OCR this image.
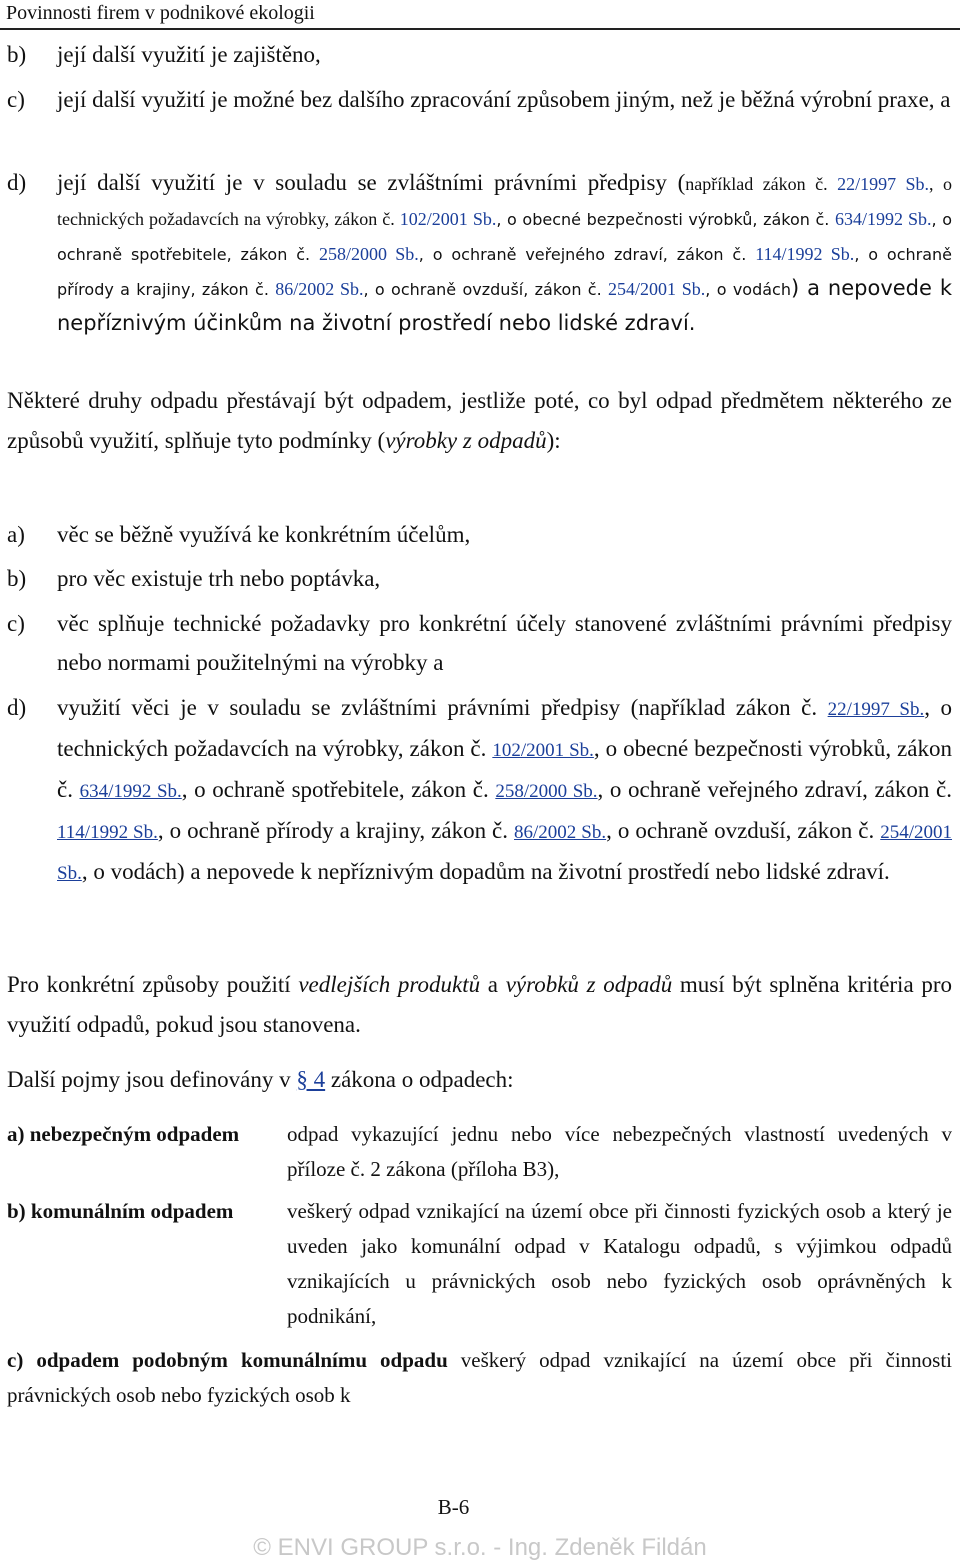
Povinnosti firem v podnikové ekologii
b) její další využití je zajištěno,
c) její další využití je možné bez dalšího zpracování způsobem jiným, než je běžná výrobní praxe, a
d) její další využití je v souladu se zvláštními právními předpisy (například zákon č. 22/1997 Sb., o technických požadavcích na výrobky, zákon č. 102/2001 Sb., o obecné bezpečnosti výrobků, zákon č. 634/1992 Sb., o ochraně spotřebitele, zákon č. 258/2000 Sb., o ochraně veřejného zdraví, zákon č. 114/1992 Sb., o ochraně přírody a krajiny, zákon č. 86/2002 Sb., o ochraně ovzduší, zákon č. 254/2001 Sb., o vodách) a nepovede k nepříznivým účinkům na životní prostředí nebo lidské zdraví.
Některé druhy odpadu přestávají být odpadem, jestliže poté, co byl odpad předmětem některého ze způsobů využití, splňuje tyto podmínky (výrobky z odpadů):
a) věc se běžně využívá ke konkrétním účelům,
b) pro věc existuje trh nebo poptávka,
c) věc splňuje technické požadavky pro konkrétní účely stanovené zvláštními právními předpisy nebo normami použitelnými na výrobky a
d) využití věci je v souladu se zvláštními právními předpisy (například zákon č. 22/1997 Sb., o technických požadavcích na výrobky, zákon č. 102/2001 Sb., o obecné bezpečnosti výrobků, zákon č. 634/1992 Sb., o ochraně spotřebitele, zákon č. 258/2000 Sb., o ochraně veřejného zdraví, zákon č. 114/1992 Sb., o ochraně přírody a krajiny, zákon č. 86/2002 Sb., o ochraně ovzduší, zákon č. 254/2001 Sb., o vodách) a nepovede k nepříznivým dopadům na životní prostředí nebo lidské zdraví.
Pro konkrétní způsoby použití vedlejších produktů a výrobků z odpadů musí být splněna kritéria pro využití odpadů, pokud jsou stanovena.
Další pojmy jsou definovány v § 4 zákona o odpadech:
a) nebezpečným odpadem odpad vykazující jednu nebo více nebezpečných vlastností uvedených v příloze č. 2 zákona (příloha B3),
b) komunálním odpadem	veškerý odpad vznikající na území obce při činnosti fyzických osob a který je uveden jako komunální odpad v Katalogu odpadů, s výjimkou odpadů vznikajících u právnických osob nebo fyzických osob oprávněných k podnikání,
c) odpadem podobným komunálnímu odpadu veškerý odpad vznikající na území obce při činnosti právnických osob nebo fyzických osob k
B-6
© ENVI GROUP s.r.o. - Ing. Zdeněk Fildán
